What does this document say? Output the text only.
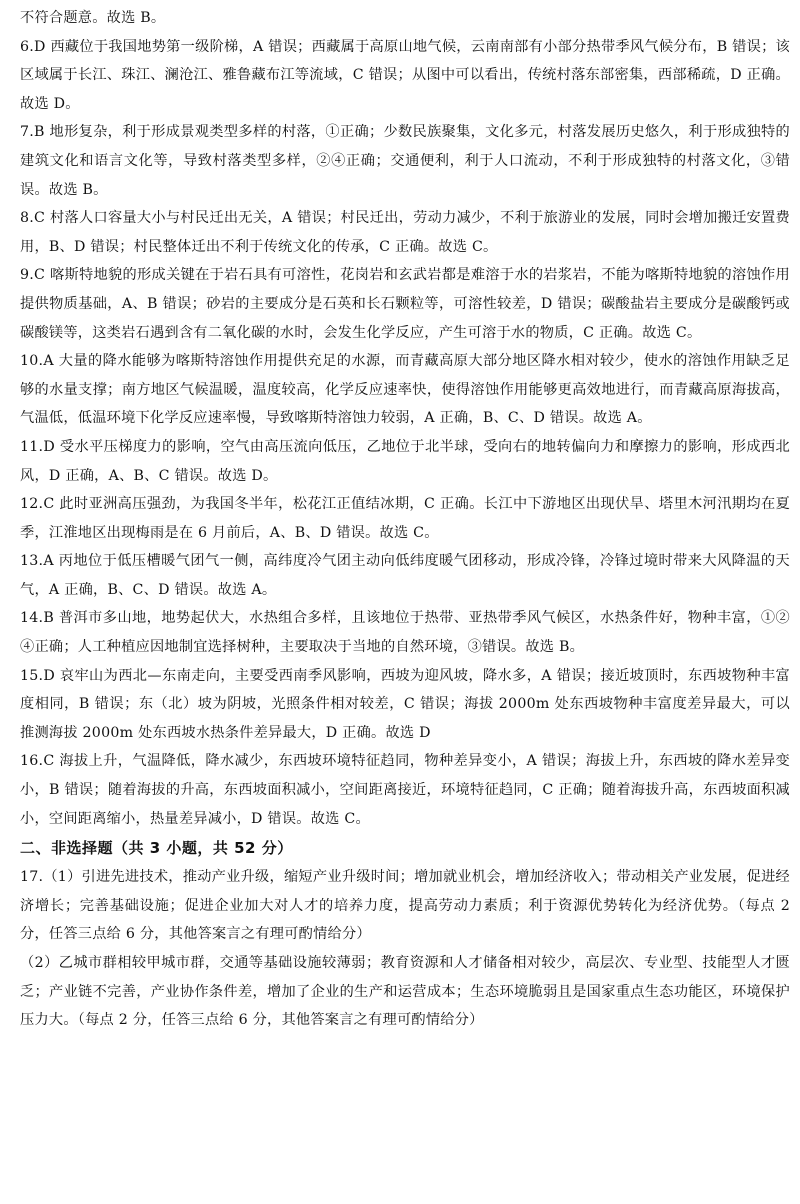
不符合题意。故选 B。

6.D 西藏位于我国地势第一级阶梯，A 错误；西藏属于高原山地气候，云南南部有小部分热带季风气候分布，B 错误；该区域属于长江、珠江、澜沧江、雅鲁藏布江等流域，C 错误；从图中可以看出，传统村落东部密集，西部稀疏，D 正确。故选 D。

7.B 地形复杂，利于形成景观类型多样的村落，①正确；少数民族聚集，文化多元，村落发展历史悠久，利于形成独特的建筑文化和语言文化等，导致村落类型多样，②④正确；交通便利，利于人口流动，不利于形成独特的村落文化，③错误。故选 B。

8.C 村落人口容量大小与村民迁出无关，A 错误；村民迁出，劳动力减少，不利于旅游业的发展，同时会增加搬迁安置费用，B、D 错误；村民整体迁出不利于传统文化的传承，C 正确。故选 C。

9.C 喀斯特地貌的形成关键在于岩石具有可溶性，花岗岩和玄武岩都是难溶于水的岩浆岩，不能为喀斯特地貌的溶蚀作用提供物质基础，A、B 错误；砂岩的主要成分是石英和长石颗粒等，可溶性较差，D 错误；碳酸盐岩主要成分是碳酸钙或碳酸镁等，这类岩石遇到含有二氧化碳的水时，会发生化学反应，产生可溶于水的物质，C 正确。故选 C。

10.A 大量的降水能够为喀斯特溶蚀作用提供充足的水源，而青藏高原大部分地区降水相对较少，使水的溶蚀作用缺乏足够的水量支撑；南方地区气候温暖，温度较高，化学反应速率快，使得溶蚀作用能够更高效地进行，而青藏高原海拔高，气温低，低温环境下化学反应速率慢，导致喀斯特溶蚀力较弱，A 正确，B、C、D 错误。故选 A。

11.D 受水平压梯度力的影响，空气由高压流向低压，乙地位于北半球，受向右的地转偏向力和摩擦力的影响，形成西北风，D 正确，A、B、C 错误。故选 D。

12.C 此时亚洲高压强劲，为我国冬半年，松花江正值结冰期，C 正确。长江中下游地区出现伏旱、塔里木河汛期均在夏季，江淮地区出现梅雨是在 6 月前后，A、B、D 错误。故选 C。

13.A 丙地位于低压槽暖气团气一侧，高纬度冷气团主动向低纬度暖气团移动，形成冷锋，冷锋过境时带来大风降温的天气，A 正确，B、C、D 错误。故选 A。

14.B 普洱市多山地，地势起伏大，水热组合多样，且该地位于热带、亚热带季风气候区，水热条件好，物种丰富，①②④正确；人工种植应因地制宜选择树种，主要取决于当地的自然环境，③错误。故选 B。

15.D 哀牢山为西北—东南走向，主要受西南季风影响，西坡为迎风坡，降水多，A 错误；接近坡顶时，东西坡物种丰富度相同，B 错误；东（北）坡为阴坡，光照条件相对较差，C 错误；海拔 2000m 处东西坡物种丰富度差异最大，可以推测海拔 2000m 处东西坡水热条件差异最大，D 正确。故选 D

16.C 海拔上升，气温降低，降水减少，东西坡环境特征趋同，物种差异变小，A 错误；海拔上升，东西坡的降水差异变小，B 错误；随着海拔的升高，东西坡面积减小，空间距离接近，环境特征趋同，C 正确；随着海拔升高，东西坡面积减小，空间距离缩小，热量差异减小，D 错误。故选 C。

二、非选择题（共 3 小题，共 52 分）

17.（1）引进先进技术，推动产业升级，缩短产业升级时间；增加就业机会，增加经济收入；带动相关产业发展，促进经济增长；完善基础设施；促进企业加大对人才的培养力度，提高劳动力素质；利于资源优势转化为经济优势。（每点 2 分，任答三点给 6 分，其他答案言之有理可酌情给分）

（2）乙城市群相较甲城市群，交通等基础设施较薄弱；教育资源和人才储备相对较少，高层次、专业型、技能型人才匮乏；产业链不完善，产业协作条件差，增加了企业的生产和运营成本；生态环境脆弱且是国家重点生态功能区，环境保护压力大。（每点 2 分，任答三点给 6 分，其他答案言之有理可酌情给分）
